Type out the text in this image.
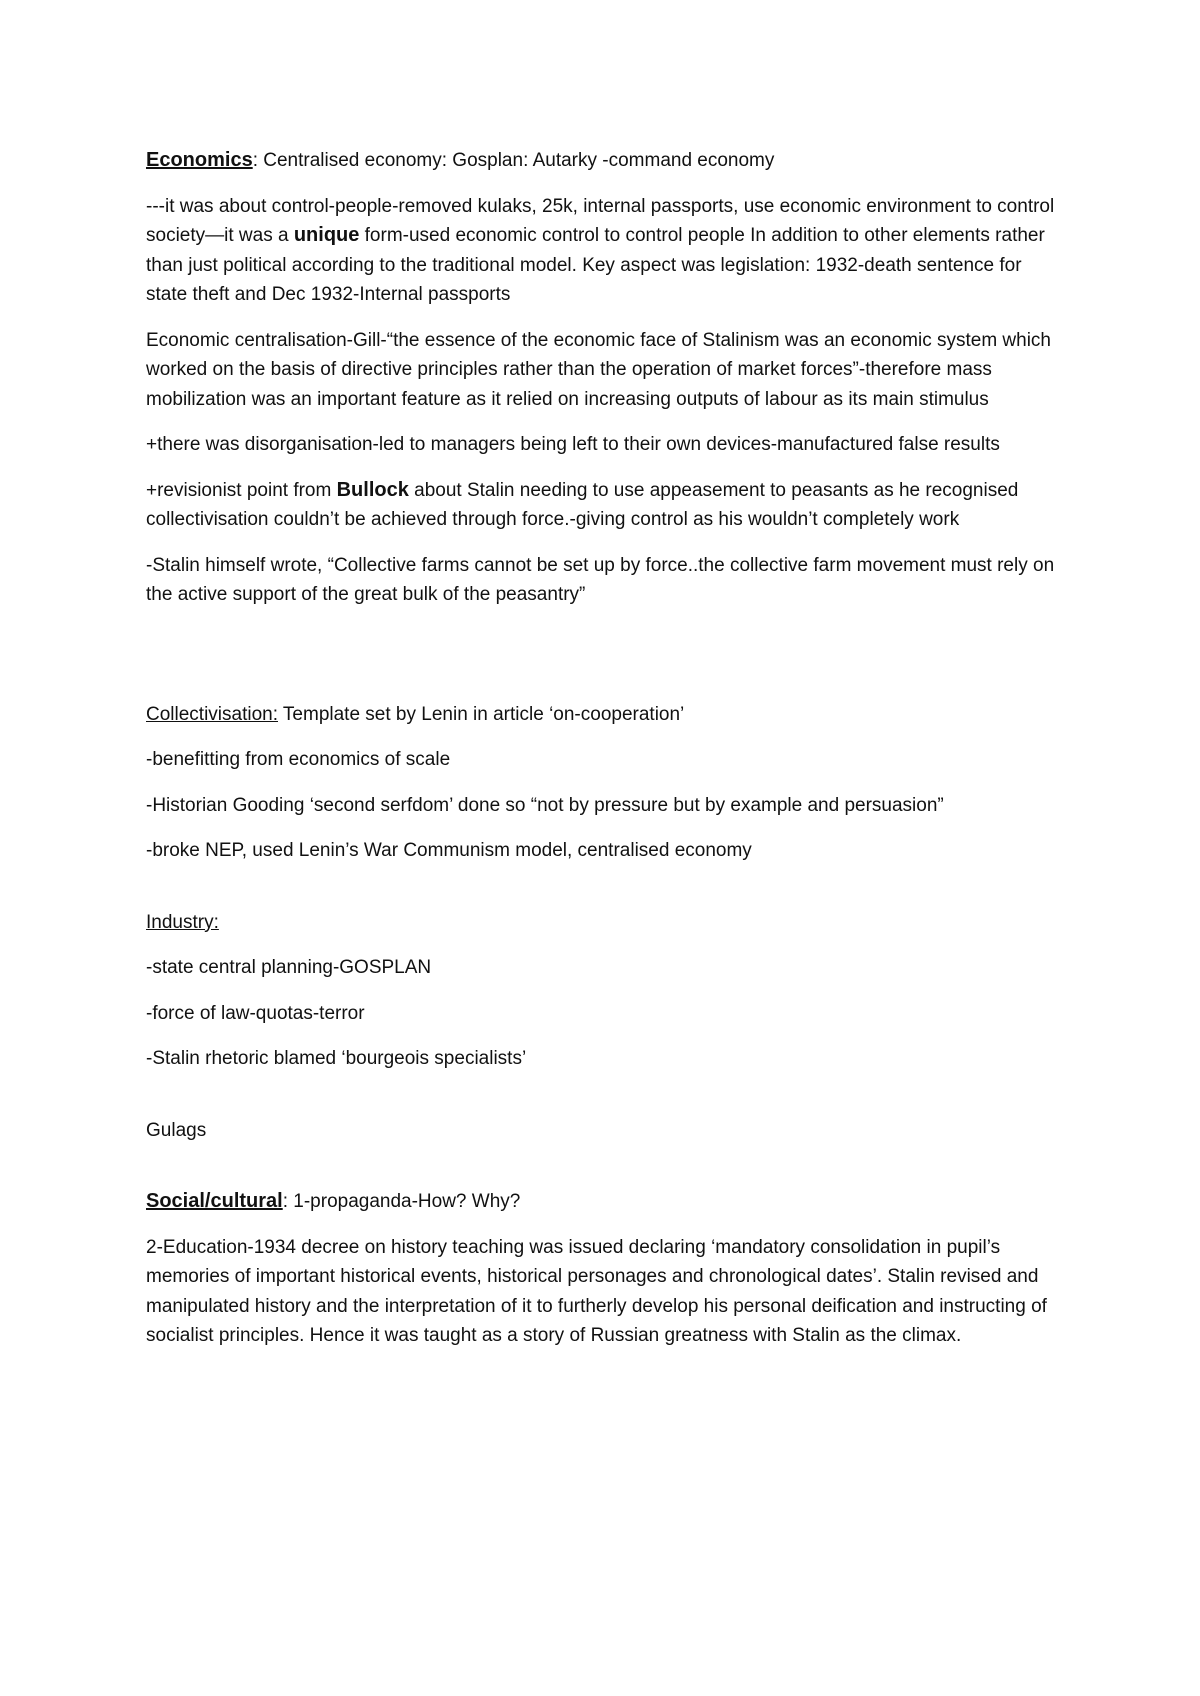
Economics: Centralised economy: Gosplan: Autarky -command economy

---it was about control-people-removed kulaks, 25k, internal passports, use economic environment to control society—it was a unique form-used economic control to control people In addition to other elements rather than just political according to the traditional model. Key aspect was legislation: 1932-death sentence for state theft and Dec 1932-Internal passports

Economic centralisation-Gill-“the essence of the economic face of Stalinism was an economic system which worked on the basis of directive principles rather than the operation of market forces”-therefore mass mobilization was an important feature as it relied on increasing outputs of labour as its main stimulus

+there was disorganisation-led to managers being left to their own devices-manufactured false results

+revisionist point from Bullock about Stalin needing to use appeasement to peasants as he recognised collectivisation couldn’t be achieved through force.-giving control as his wouldn’t completely work

-Stalin himself wrote, “Collective farms cannot be set up by force..the collective farm movement must rely on the active support of the great bulk of the peasantry”

Collectivisation: Template set by Lenin in article ‘on-cooperation’

-benefitting from economics of scale

-Historian Gooding ‘second serfdom’ done so “not by pressure but by example and persuasion”

-broke NEP, used Lenin’s War Communism model, centralised economy

Industry:

-state central planning-GOSPLAN

-force of law-quotas-terror

-Stalin rhetoric blamed ‘bourgeois specialists’

Gulags

Social/cultural: 1-propaganda-How? Why?

2-Education-1934 decree on history teaching was issued declaring ‘mandatory consolidation in pupil’s memories of important historical events, historical personages and chronological dates’. Stalin revised and manipulated history and the interpretation of it to furtherly develop his personal deification and instructing of socialist principles. Hence it was taught as a story of Russian greatness with Stalin as the climax.
